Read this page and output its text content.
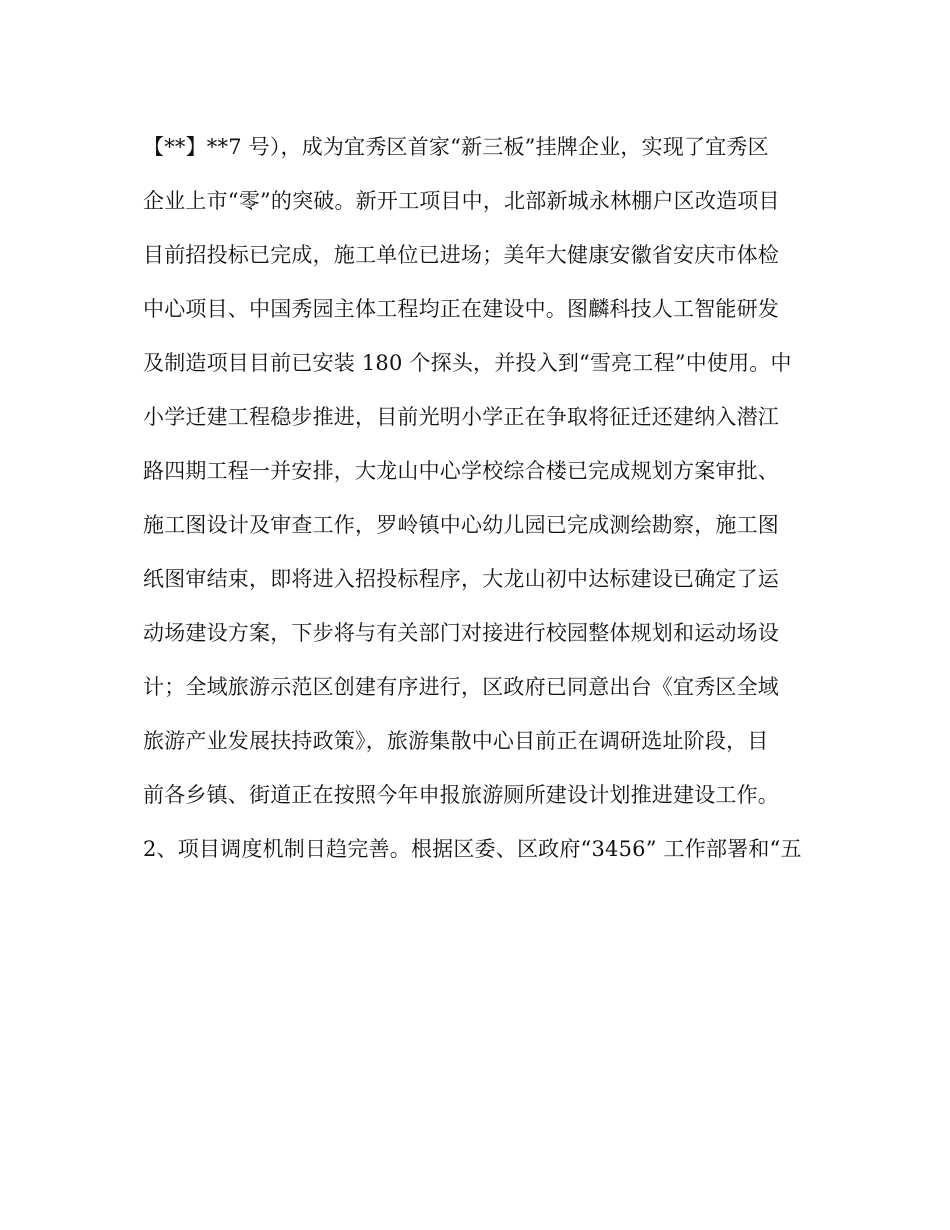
【**】**7 号），成为宜秀区首家“新三板”挂牌企业，实现了宜秀区
企业上市“零”的突破。新开工项目中，北部新城永林棚户区改造项目
目前招投标已完成，施工单位已进场；美年大健康安徽省安庆市体检
中心项目、中国秀园主体工程均正在建设中。图麟科技人工智能研发
及制造项目目前已安装 180 个探头，并投入到“雪亮工程”中使用。中
小学迁建工程稳步推进，目前光明小学正在争取将征迁还建纳入潜江
路四期工程一并安排，大龙山中心学校综合楼已完成规划方案审批、
施工图设计及审查工作，罗岭镇中心幼儿园已完成测绘勘察，施工图
纸图审结束，即将进入招投标程序，大龙山初中达标建设已确定了运
动场建设方案，下步将与有关部门对接进行校园整体规划和运动场设
计；全域旅游示范区创建有序进行，区政府已同意出台《宜秀区全域
旅游产业发展扶持政策》，旅游集散中心目前正在调研选址阶段，目
前各乡镇、街道正在按照今年申报旅游厕所建设计划推进建设工作。
2、项目调度机制日趋完善。根据区委、区政府“3456” 工作部署和“五
